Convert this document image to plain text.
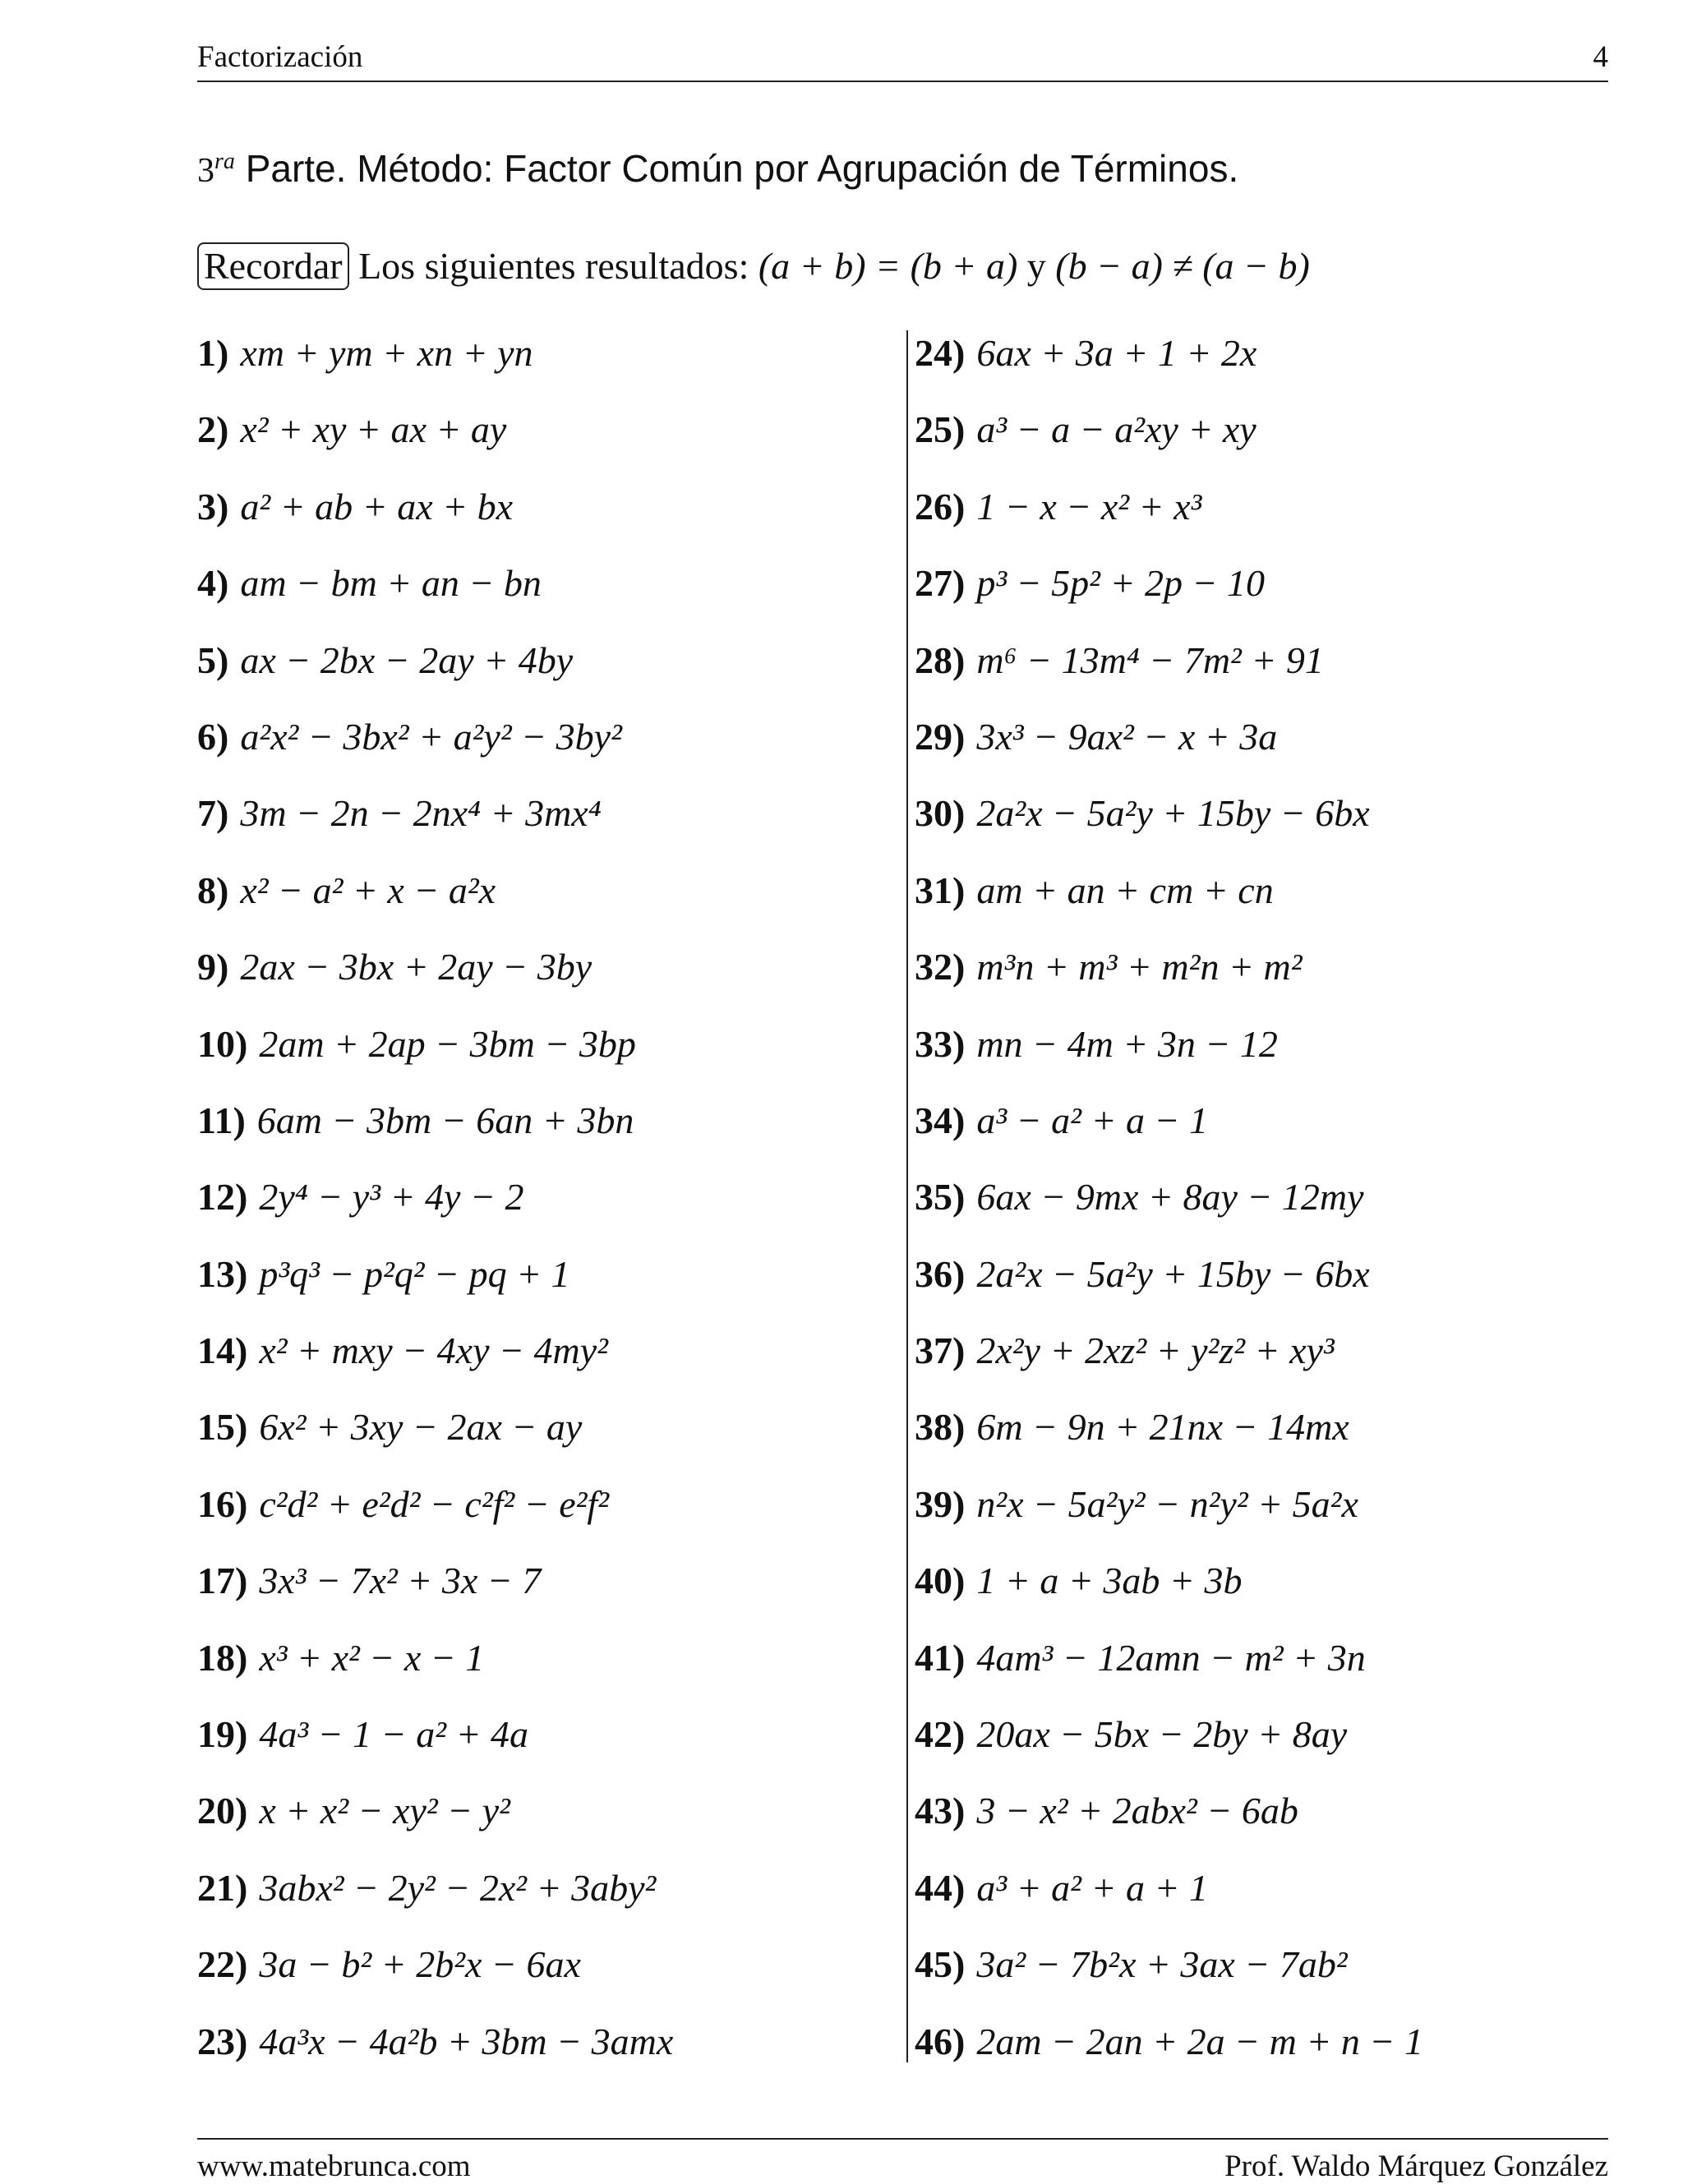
Factorización	4
$3^{ra}$ Parte. Método: Factor Común por Agrupación de Términos.
Recordar Los siguientes resultados: (a + b) = (b + a) y (b − a) ≠ (a − b)
1) xm + ym + xn + yn
2) x² + xy + ax + ay
3) a² + ab + ax + bx
4) am − bm + an − bn
5) ax − 2bx − 2ay + 4by
6) a²x² − 3bx² + a²y² − 3by²
7) 3m − 2n − 2nx⁴ + 3mx⁴
8) x² − a² + x − a²x
9) 2ax − 3bx + 2ay − 3by
10) 2am + 2ap − 3bm − 3bp
11) 6am − 3bm − 6an + 3bn
12) 2y⁴ − y³ + 4y − 2
13) p³q³ − p²q² − pq + 1
14) x² + mxy − 4xy − 4my²
15) 6x² + 3xy − 2ax − ay
16) c²d² + e²d² − c²f² − e²f²
17) 3x³ − 7x² + 3x − 7
18) x³ + x² − x − 1
19) 4a³ − 1 − a² + 4a
20) x + x² − xy² − y²
21) 3abx² − 2y² − 2x² + 3aby²
22) 3a − b² + 2b²x − 6ax
23) 4a³x − 4a²b + 3bm − 3amx
24) 6ax + 3a + 1 + 2x
25) a³ − a − a²xy + xy
26) 1 − x − x² + x³
27) p³ − 5p² + 2p − 10
28) m⁶ − 13m⁴ − 7m² + 91
29) 3x³ − 9ax² − x + 3a
30) 2a²x − 5a²y + 15by − 6bx
31) am + an + cm + cn
32) m³n + m³ + m²n + m²
33) mn − 4m + 3n − 12
34) a³ − a² + a − 1
35) 6ax − 9mx + 8ay − 12my
36) 2a²x − 5a²y + 15by − 6bx
37) 2x²y + 2xz² + y²z² + xy³
38) 6m − 9n + 21nx − 14mx
39) n²x − 5a²y² − n²y² + 5a²x
40) 1 + a + 3ab + 3b
41) 4am³ − 12amn − m² + 3n
42) 20ax − 5bx − 2by + 8ay
43) 3 − x² + 2abx² − 6ab
44) a³ + a² + a + 1
45) 3a² − 7b²x + 3ax − 7ab²
46) 2am − 2an + 2a − m + n − 1
www.matebrunca.com	Prof. Waldo Márquez González
